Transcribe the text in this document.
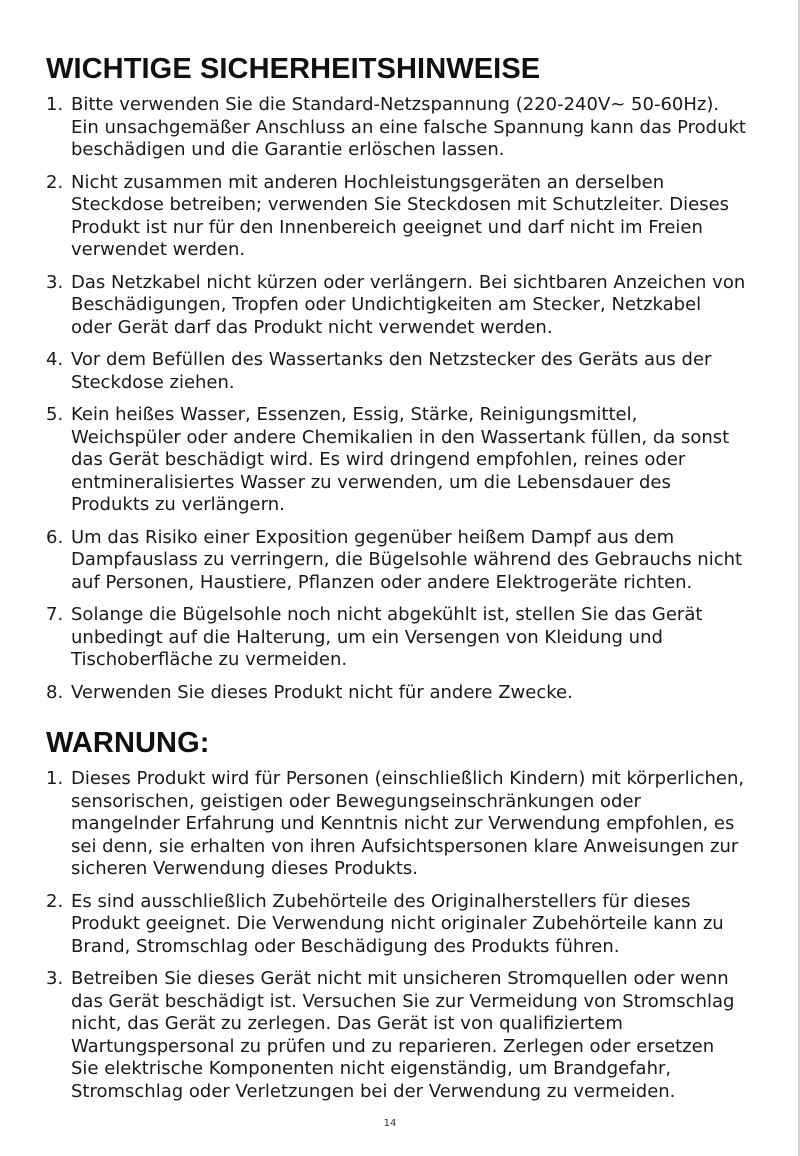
WICHTIGE SICHERHEITSHINWEISE
1. Bitte verwenden Sie die Standard-Netzspannung (220-240V~ 50-60Hz). Ein unsachgemäßer Anschluss an eine falsche Spannung kann das Produkt beschädigen und die Garantie erlöschen lassen.
2. Nicht zusammen mit anderen Hochleistungsgeräten an derselben Steckdose betreiben; verwenden Sie Steckdosen mit Schutzleiter. Dieses Produkt ist nur für den Innenbereich geeignet und darf nicht im Freien verwendet werden.
3. Das Netzkabel nicht kürzen oder verlängern. Bei sichtbaren Anzeichen von Beschädigungen, Tropfen oder Undichtigkeiten am Stecker, Netzkabel oder Gerät darf das Produkt nicht verwendet werden.
4. Vor dem Befüllen des Wassertanks den Netzstecker des Geräts aus der Steckdose ziehen.
5. Kein heißes Wasser, Essenzen, Essig, Stärke, Reinigungsmittel, Weichspüler oder andere Chemikalien in den Wassertank füllen, da sonst das Gerät beschädigt wird. Es wird dringend empfohlen, reines oder entmineralisiertes Wasser zu verwenden, um die Lebensdauer des Produkts zu verlängern.
6. Um das Risiko einer Exposition gegenüber heißem Dampf aus dem Dampfauslass zu verringern, die Bügelsohle während des Gebrauchs nicht auf Personen, Haustiere, Pflanzen oder andere Elektrogeräte richten.
7. Solange die Bügelsohle noch nicht abgekühlt ist, stellen Sie das Gerät unbedingt auf die Halterung, um ein Versengen von Kleidung und Tischoberfläche zu vermeiden.
8. Verwenden Sie dieses Produkt nicht für andere Zwecke.
WARNUNG:
1. Dieses Produkt wird für Personen (einschließlich Kindern) mit körperlichen, sensorischen, geistigen oder Bewegungseinschränkungen oder mangelnder Erfahrung und Kenntnis nicht zur Verwendung empfohlen, es sei denn, sie erhalten von ihren Aufsichtspersonen klare Anweisungen zur sicheren Verwendung dieses Produkts.
2. Es sind ausschließlich Zubehörteile des Originalherstellers für dieses Produkt geeignet. Die Verwendung nicht originaler Zubehörteile kann zu Brand, Stromschlag oder Beschädigung des Produkts führen.
3. Betreiben Sie dieses Gerät nicht mit unsicheren Stromquellen oder wenn das Gerät beschädigt ist. Versuchen Sie zur Vermeidung von Stromschlag nicht, das Gerät zu zerlegen. Das Gerät ist von qualifiziertem Wartungspersonal zu prüfen und zu reparieren. Zerlegen oder ersetzen Sie elektrische Komponenten nicht eigenständig, um Brandgefahr, Stromschlag oder Verletzungen bei der Verwendung zu vermeiden.
14
